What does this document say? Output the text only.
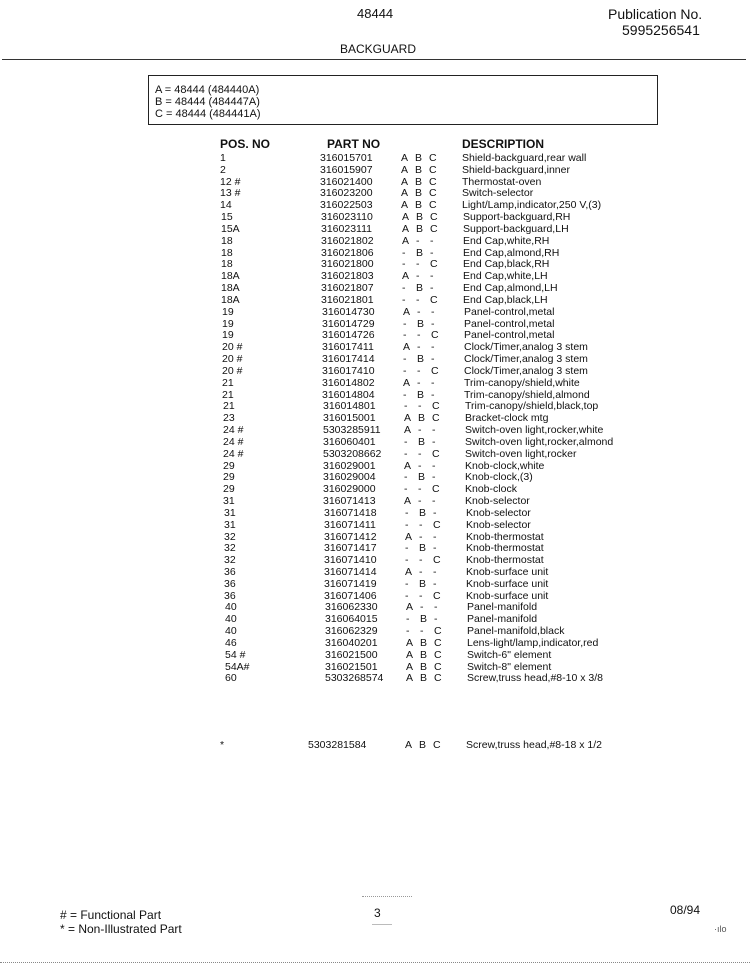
48444	Publication No.
5995256541
BACKGUARD
A = 48444 (484440A)
B = 48444 (484447A)
C = 48444 (484441A)
POS. NO	PART NO	DESCRIPTION
1	316015701	A B C Shield-backguard,rear wall
2	316015907	A B C Shield-backguard,inner
12 #	316021400	A B C Thermostat-oven
13 #	316023200	A B C Switch-selector
14	316022503	A B C Light/Lamp,indicator,250 V,(3)
15	316023110	A B C Support-backguard,RH
15A	316023111	A B C Support-backguard,LH
18	316021802	A - -	End Cap,white,RH
18	316021806	- B -	End Cap,almond,RH
18	316021800	- - C End Cap,black,RH
18A	316021803	A - -	End Cap,white,LH
18A	316021807	- B -	End Cap,almond,LH
18A	316021801	- - C End Cap,black,LH
19	316014730	A - -	Panel-control,metal
19	316014729	- B -	Panel-control,metal
19	316014726	- - C Panel-control,metal
20 #	316017411	A - -	Clock/Timer,analog 3 stem
20 #	316017414	- B -	Clock/Timer,analog 3 stem
20 #	316017410	- - C Clock/Timer,analog 3 stem
21	316014802	A - -	Trim-canopy/shield,white
21	316014804	- B -	Trim-canopy/shield,almond
21	316014801	- - C Trim-canopy/shield,black,top
23	316015001	A B C Bracket-clock mtg
24 #	5303285911 A - -	Switch-oven light,rocker,white
24 #	316060401	- B -	Switch-oven light,rocker,almond
24 #	5303208662 - - C Switch-oven light,rocker
29	316029001	A - -	Knob-clock,white
29	316029004	- B -	Knob-clock,(3)
29	316029000	- - C Knob-clock
31	316071413	A - -	Knob-selector
31	316071418	- B -	Knob-selector
31	316071411	- - C Knob-selector
32	316071412	A - -	Knob-thermostat
32	316071417	- B -	Knob-thermostat
32	316071410	- - C Knob-thermostat
36	316071414	A - -	Knob-surface unit
36	316071419	- B -	Knob-surface unit
36	316071406	- - C Knob-surface unit
40	316062330	A - -	Panel-manifold
40	316064015	- B -	Panel-manifold
40	316062329	- - C Panel-manifold,black
46	316040201	A B C Lens-light/lamp,indicator,red
54 #	316021500	A B C Switch-6" element
54A#	316021501	A B C Switch-8" element
60	5303268574 A B C Screw,truss head,#8-10 x 3/8
*	5303281584	A B C Screw,truss head,#8-18 x 1/2
# = Functional Part
* = Non-Illustrated Part
3	08/94
·ılo
